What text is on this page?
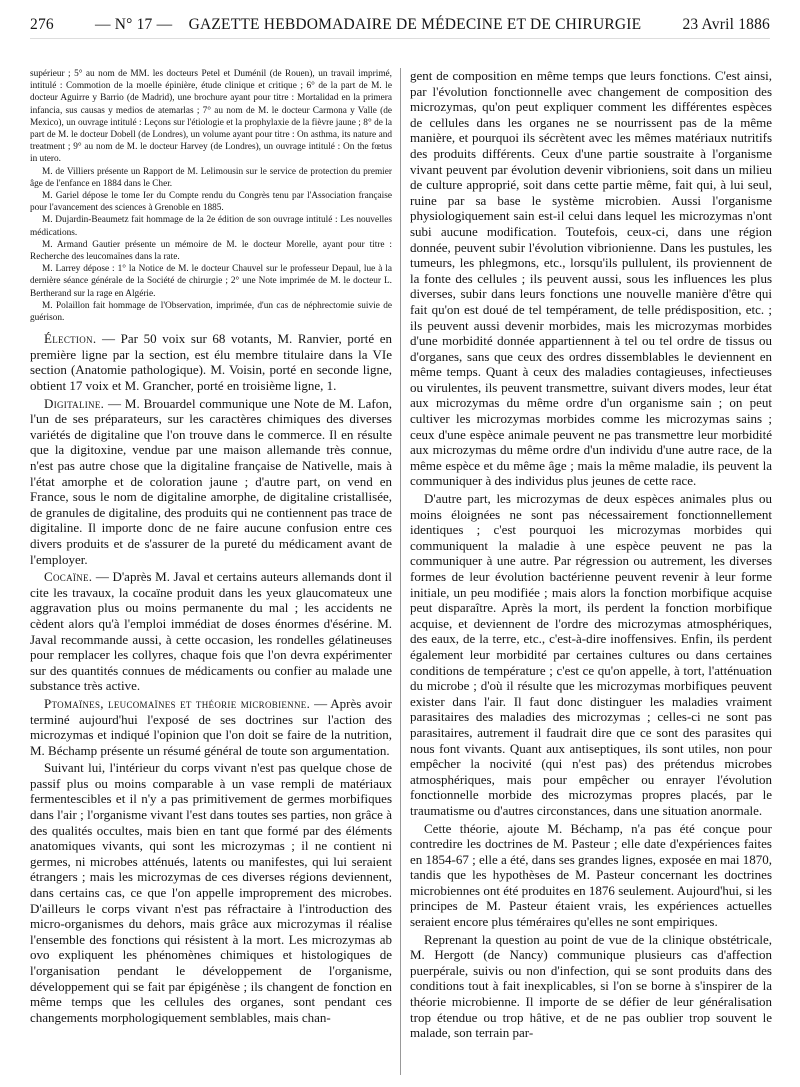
276	— N° 17 — GAZETTE HEBDOMADAIRE DE MÉDECINE ET DE CHIRURGIE	23 Avril 1886

supérieur ; 5° au nom de MM. les docteurs Petel et Duménil (de Rouen), un travail imprimé, intitulé : Commotion de la moelle épinière, étude clinique et critique ; 6° de la part de M. le docteur Aguirre y Barrio (de Madrid), une brochure ayant pour titre : Mortalidad en la primera infancia, sus causas y medios de atemarlas ; 7° au nom de M. le docteur Carmona y Valle (de Mexico), un ouvrage intitulé : Leçons sur l'étiologie et la prophylaxie de la fièvre jaune ; 8° de la part de M. le docteur Dobell (de Londres), un volume ayant pour titre : On asthma, its nature and treatment ; 9° au nom de M. le docteur Harvey (de Londres), un ouvrage intitulé : On the fœtus in utero.

M. de Villiers présente un Rapport de M. Lelimousin sur le service de protection du premier âge de l'enfance en 1884 dans le Cher.

M. Gariel dépose le tome Ier du Compte rendu du Congrès tenu par l'Association française pour l'avancement des sciences à Grenoble en 1885.

M. Dujardin-Beaumetz fait hommage de la 2e édition de son ouvrage intitulé : Les nouvelles médications.

M. Armand Gautier présente un mémoire de M. le docteur Morelle, ayant pour titre : Recherche des leucomaïnes dans la rate.

M. Larrey dépose : 1° la Notice de M. le docteur Chauvel sur le professeur Depaul, lue à la dernière séance générale de la Société de chirurgie ; 2° une Note imprimée de M. le docteur L. Bertherand sur la rage en Algérie.

M. Polaillon fait hommage de l'Observation, imprimée, d'un cas de néphrectomie suivie de guérison.

Élection. — Par 50 voix sur 68 votants, M. Ranvier, porté en première ligne par la section, est élu membre titulaire dans la VIe section (Anatomie pathologique). M. Voisin, porté en seconde ligne, obtient 17 voix et M. Grancher, porté en troisième ligne, 1.

Digitaline. — M. Brouardel communique une Note de M. Lafon, l'un de ses préparateurs, sur les caractères chimiques des diverses variétés de digitaline que l'on trouve dans le commerce. Il en résulte que la digitoxine, vendue par une maison allemande très connue, n'est pas autre chose que la digitaline française de Nativelle, mais à l'état amorphe et de coloration jaune ; d'autre part, on vend en France, sous le nom de digitaline amorphe, de digitaline cristallisée, de granules de digitaline, des produits qui ne contiennent pas trace de digitaline. Il importe donc de ne faire aucune confusion entre ces divers produits et de s'assurer de la pureté du médicament avant de l'employer.

Cocaïne. — D'après M. Javal et certains auteurs allemands dont il cite les travaux, la cocaïne produit dans les yeux glaucomateux une aggravation plus ou moins permanente du mal ; les accidents ne cèdent alors qu'à l'emploi immédiat de doses énormes d'ésérine. M. Javal recommande aussi, à cette occasion, les rondelles gélatineuses pour remplacer les collyres, chaque fois que l'on devra expérimenter sur des quantités connues de médicaments ou confier au malade une substance très active.

Ptomaïnes, leucomaïnes et théorie microbienne. — Après avoir terminé aujourd'hui l'exposé de ses doctrines sur l'action des microzymas et indiqué l'opinion que l'on doit se faire de la nutrition, M. Béchamp présente un résumé général de toute son argumentation.

Suivant lui, l'intérieur du corps vivant n'est pas quelque chose de passif plus ou moins comparable à un vase rempli de matériaux fermentescibles et il n'y a pas primitivement de germes morbifiques dans l'air ; l'organisme vivant l'est dans toutes ses parties, non grâce à des qualités occultes, mais bien en tant que formé par des éléments anatomiques vivants, qui sont les microzymas ; il ne contient ni germes, ni microbes atténués, latents ou manifestes, qui lui seraient étrangers ; mais les microzymas de ces diverses régions deviennent, dans certains cas, ce que l'on appelle improprement des microbes. D'ailleurs le corps vivant n'est pas réfractaire à l'introduction des micro-organismes du dehors, mais grâce aux microzymas il réalise l'ensemble des fonctions qui résistent à la mort. Les microzymas ab ovo expliquent les phénomènes chimiques et histologiques de l'organisation pendant le développement de l'organisme, développement qui se fait par épigénèse ; ils changent de fonction en même temps que les cellules des organes, sont pendant ces changements morphologiquement semblables, mais chan-

gent de composition en même temps que leurs fonctions. C'est ainsi, par l'évolution fonctionnelle avec changement de composition des microzymas, qu'on peut expliquer comment les différentes espèces de cellules dans les organes ne se nourrissent pas de la même manière, et pourquoi ils sécrètent avec les mêmes matériaux nutritifs des produits différents. Ceux d'une partie soustraite à l'organisme vivant peuvent par évolution devenir vibrioniens, soit dans un milieu de culture approprié, soit dans cette partie même, fait qui, à lui seul, ruine par sa base le système microbien. Aussi l'organisme physiologiquement sain est-il celui dans lequel les microzymas n'ont subi aucune modification. Toutefois, ceux-ci, dans une région donnée, peuvent subir l'évolution vibrionienne. Dans les pustules, les tumeurs, les phlegmons, etc., lorsqu'ils pullulent, ils proviennent de la fonte des cellules ; ils peuvent aussi, sous les influences les plus diverses, subir dans leurs fonctions une nouvelle manière d'être qui fait qu'on est doué de tel tempérament, de telle prédisposition, etc. ; ils peuvent aussi devenir morbides, mais les microzymas morbides d'une morbidité donnée appartiennent à tel ou tel ordre de tissus ou d'organes, sans que ceux des ordres dissemblables le deviennent en même temps. Quant à ceux des maladies contagieuses, infectieuses ou virulentes, ils peuvent transmettre, suivant divers modes, leur état aux microzymas du même ordre d'un organisme sain ; on peut cultiver les microzymas morbides comme les microzymas sains ; ceux d'une espèce animale peuvent ne pas transmettre leur morbidité aux microzymas du même ordre d'un individu d'une autre race, de la même espèce et du même âge ; mais la même maladie, ils peuvent la communiquer à des individus plus jeunes de cette race.

D'autre part, les microzymas de deux espèces animales plus ou moins éloignées ne sont pas nécessairement fonctionnellement identiques ; c'est pourquoi les microzymas morbides qui communiquent la maladie à une espèce peuvent ne pas la communiquer à une autre. Par régression ou autrement, les diverses formes de leur évolution bactérienne peuvent revenir à leur forme initiale, un peu modifiée ; mais alors la fonction morbifique acquise peut disparaître. Après la mort, ils perdent la fonction morbifique acquise, et deviennent de l'ordre des microzymas atmosphériques, des eaux, de la terre, etc., c'est-à-dire inoffensives. Enfin, ils perdent également leur morbidité par certaines cultures ou dans certaines conditions de température ; c'est ce qu'on appelle, à tort, l'atténuation du microbe ; d'où il résulte que les microzymas morbifiques peuvent exister dans l'air. Il faut donc distinguer les maladies vraiment parasitaires des maladies des microzymas ; celles-ci ne sont pas parasitaires, autrement il faudrait dire que ce sont des parasites qui nous font vivants. Quant aux antiseptiques, ils sont utiles, non pour empêcher la nocivité (qui n'est pas) des prétendus microbes atmosphériques, mais pour empêcher ou enrayer l'évolution fonctionnelle morbide des microzymas propres placés, par le traumatisme ou d'autres circonstances, dans une situation anormale.

Cette théorie, ajoute M. Béchamp, n'a pas été conçue pour contredire les doctrines de M. Pasteur ; elle date d'expériences faites en 1854-67 ; elle a été, dans ses grandes lignes, exposée en mai 1870, tandis que les hypothèses de M. Pasteur concernant les doctrines microbiennes ont été produites en 1876 seulement. Aujourd'hui, si les principes de M. Pasteur étaient vrais, les expériences actuelles seraient encore plus téméraires qu'elles ne sont empiriques.

Reprenant la question au point de vue de la clinique obstétricale, M. Hergott (de Nancy) communique plusieurs cas d'affection puerpérale, suivis ou non d'infection, qui se sont produits dans des conditions tout à fait inexplicables, si l'on se borne à s'inspirer de la théorie microbienne. Il importe de se défier de leur généralisation trop étendue ou trop hâtive, et de ne pas oublier trop souvent le malade, son terrain par-
